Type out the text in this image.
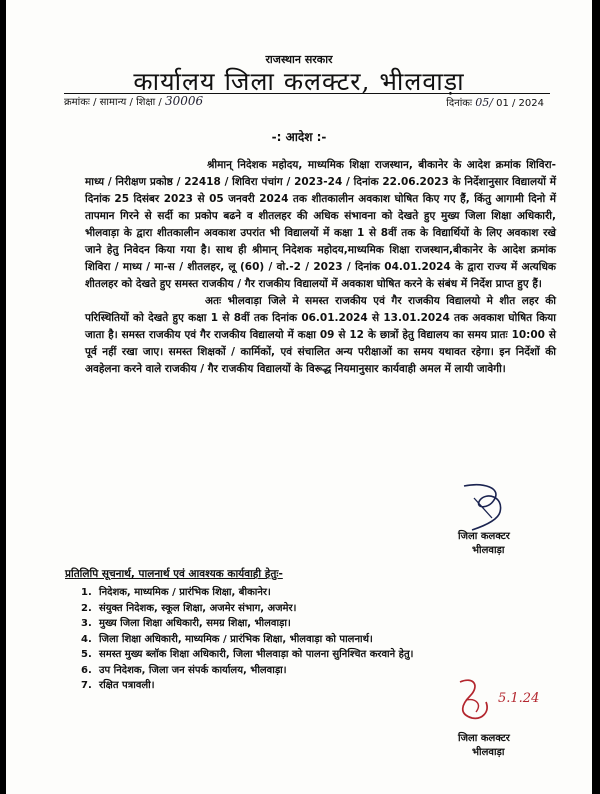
राजस्थान सरकार
कार्यालय जिला कलक्टर, भीलवाड़ा
क्रमांकः / सामान्य / शिक्षा / 30006	दिनांकः 05/ 01 / 2024
-: आदेश :-

श्रीमान् निदेशक महोदय, माध्यमिक शिक्षा राजस्थान, बीकानेर के आदेश क्रमांक शिविरा-माध्य / निरीक्षण प्रकोष्ठ / 22418 / शिविरा पंचांग / 2023-24 / दिनांक 22.06.2023 के निर्देशानुसार विद्यालयों में दिनांक 25 दिसंबर 2023 से 05 जनवरी 2024 तक शीतकालीन अवकाश घोषित किए गए हैं, किंतु आगामी दिनो में तापमान गिरने से सर्दी का प्रकोप बढने व शीतलहर की अधिक संभावना को देखते हुए मुख्य जिला शिक्षा अधिकारी, भीलवाड़ा के द्वारा शीतकालीन अवकाश उपरांत भी विद्यालयों में कक्षा 1 से 8वीं तक के विद्यार्थियों के लिए अवकाश रखे जाने हेतु निवेदन किया गया है। साथ ही श्रीमान् निदेशक महोदय,माध्यमिक शिक्षा राजस्थान,बीकानेर के आदेश क्रमांक शिविरा / माध्य / मा-स / शीतलहर, लू (60) / वो.-2 / 2023 / दिनांक 04.01.2024 के द्वारा राज्य में अत्यधिक शीतलहर को देखते हुए समस्त राजकीय / गैर राजकीय विद्यालयों में अवकाश घोषित करने के संबंध में निर्देश प्राप्त हुए हैं।

अतः भीलवाड़ा जिले मे समस्त राजकीय एवं गैर राजकीय विद्यालयो मे शीत लहर की परिस्थितियों को देखते हुए कक्षा 1 से 8वीं तक दिनांक 06.01.2024 से 13.01.2024 तक अवकाश घोषित किया जाता है। समस्त राजकीय एवं गैर राजकीय विद्यालयो में कक्षा 09 से 12 के छात्रों हेतु विद्यालय का समय प्रातः 10:00 से पूर्व नहीं रखा जाए। समस्त शिक्षकों / कार्मिकों, एवं संचालित अन्य परीक्षाओं का समय यथावत रहेगा। इन निर्देशों की अवहेलना करने वाले राजकीय / गैर राजकीय विद्यालयों के विरूद्ध नियमानुसार कार्यवाही अमल में लायी जावेगी।

जिला कलक्टर
भीलवाड़ा
प्रतिलिपि सूचनार्थ, पालनार्थ एवं आवश्यक कार्यवाही हेतुः-
1. निदेशक, माध्यमिक / प्रारंभिक शिक्षा, बीकानेर।
2. संयुक्त निदेशक, स्कूल शिक्षा, अजमेर संभाग, अजमेर।
3. मुख्य जिला शिक्षा अधिकारी, समग्र शिक्षा, भीलवाड़ा।
4. जिला शिक्षा अधिकारी, माध्यमिक / प्रारंभिक शिक्षा, भीलवाड़ा को पालनार्थ।
5. समस्त मुख्य ब्लॉक शिक्षा अधिकारी, जिला भीलवाड़ा को पालना सुनिश्चित करवाने हेतु।
6. उप निदेशक, जिला जन संपर्क कार्यालय, भीलवाड़ा।
7. रक्षित पत्रावली।
5.1.24
जिला कलक्टर
भीलवाड़ा
